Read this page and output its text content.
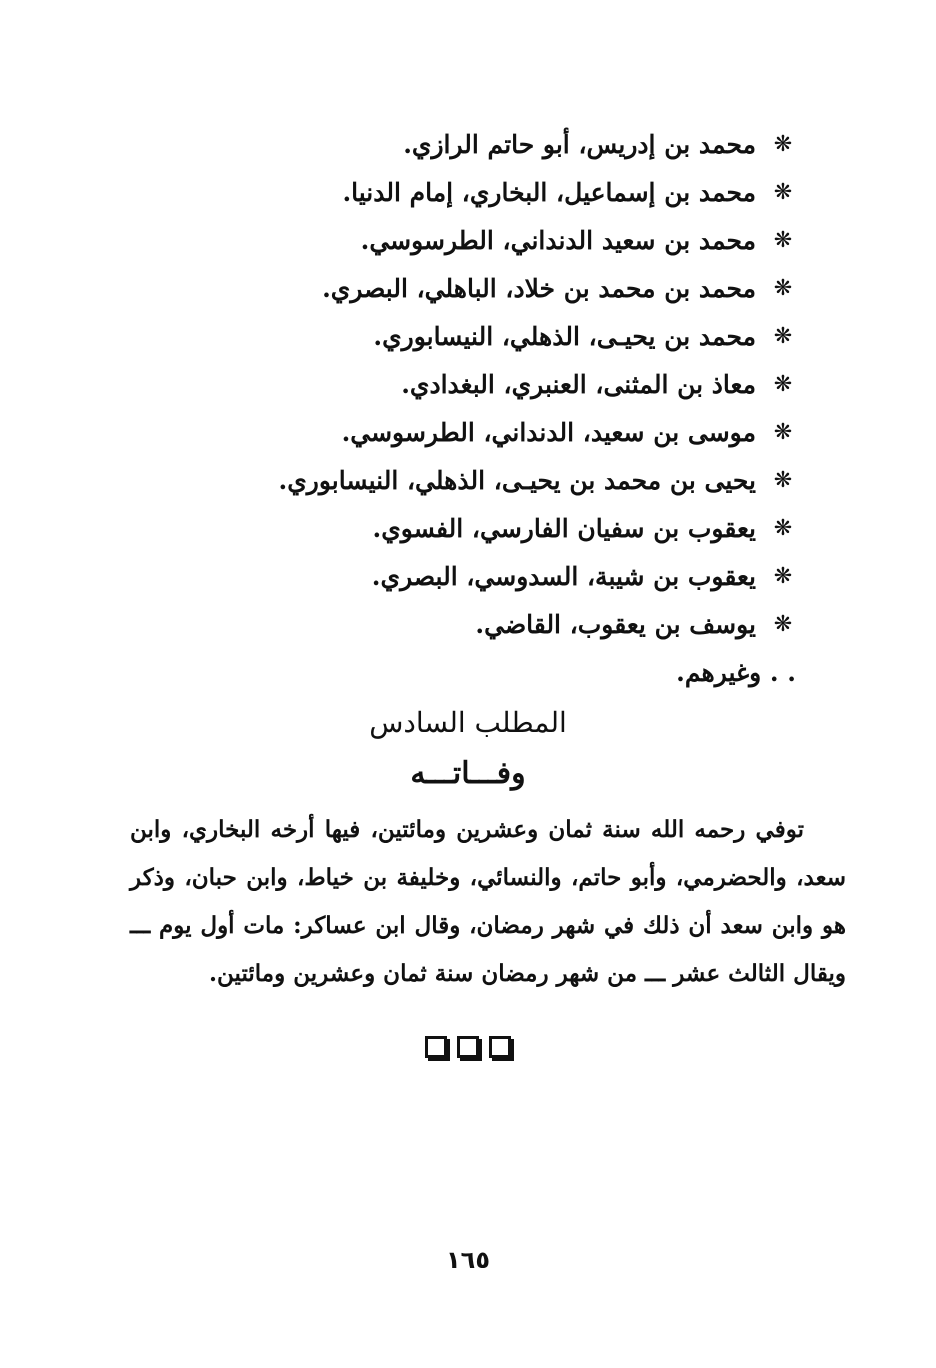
❋
محمد بن إدريس، أبو حاتم الرازي.
❋
محمد بن إسماعيل، البخاري، إمام الدنيا.
❋
محمد بن سعيد الدنداني، الطرسوسي.
❋
محمد بن محمد بن خلاد، الباهلي، البصري.
❋
محمد بن يحيـى، الذهلي، النيسابوري.
❋
معاذ بن المثنى، العنبري، البغدادي.
❋
موسى بن سعيد، الدنداني، الطرسوسي.
❋
يحيى بن محمد بن يحيـى، الذهلي، النيسابوري.
❋
يعقوب بن سفيان الفارسي، الفسوي.
❋
يعقوب بن شيبة، السدوسي، البصري.
❋
يوسف بن يعقوب، القاضي.
. . وغيرهم.
المطلب السادس
وفـــاتـــه

توفي رحمه الله سنة ثمان وعشرين ومائتين، فيها أرخه البخاري، وابن سعد، والحضرمي، وأبو حاتم، والنسائي، وخليفة بن خياط، وابن حبان، وذكر هو وابن سعد أن ذلك في شهر رمضان، وقال ابن عساكر: مات أول يوم ـــ ويقال الثالث عشر ـــ من شهر رمضان سنة ثمان وعشرين ومائتين.

١٦٥
